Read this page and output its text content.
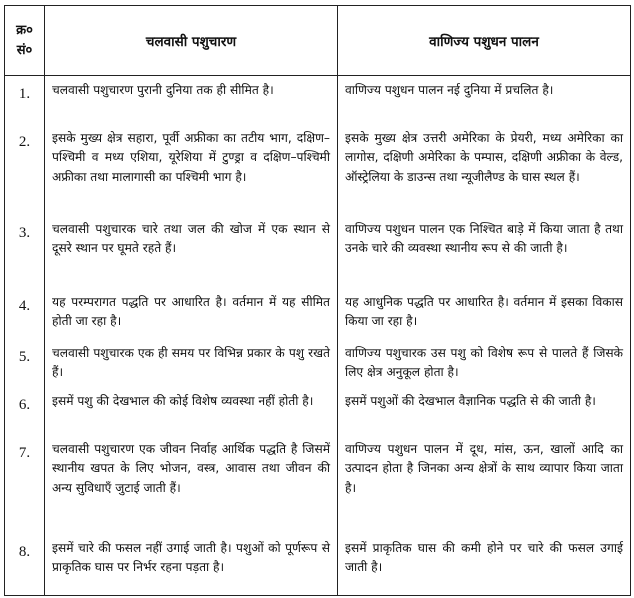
क्र०
सं०	चलवासी पशुचारण	वाणिज्य पशुधन पालन
1.	चलवासी पशुचारण पुरानी दुनिया तक ही सीमित है।	वाणिज्य पशुधन पालन नई दुनिया में प्रचलित है।
2.	इसके मुख्य क्षेत्र सहारा, पूर्वी अफ्रीका का तटीय भाग, दक्षिण–पश्चिमी व मध्य एशिया, यूरेशिया में टुण्ड्रा व दक्षिण–पश्चिमी अफ्रीका तथा मालागासी का पश्चिमी भाग है।	इसके मुख्य क्षेत्र उत्तरी अमेरिका के प्रेयरी, मध्य अमेरिका का लागोस, दक्षिणी अमेरिका के पम्पास, दक्षिणी अफ्रीका के वेल्ड, ऑस्ट्रेलिया के डाउन्स तथा न्यूजीलैण्ड के घास स्थल हैं।
3.	चलवासी पशुचारक चारे तथा जल की खोज में एक स्थान से दूसरे स्थान पर घूमते रहते हैं।	वाणिज्य पशुधन पालन एक निश्चित बाड़े में किया जाता है तथा उनके चारे की व्यवस्था स्थानीय रूप से की जाती है।
4.	यह परम्परागत पद्धति पर आधारित है। वर्तमान में यह सीमित होती जा रहा है।	यह आधुनिक पद्धति पर आधारित है। वर्तमान में इसका विकास किया जा रहा है।
5.	चलवासी पशुचारक एक ही समय पर विभिन्न प्रकार के पशु रखते हैं।	वाणिज्य पशुचारक उस पशु को विशेष रूप से पालते हैं जिसके लिए क्षेत्र अनुकूल होता है।
6.	इसमें पशु की देखभाल की कोई विशेष व्यवस्था नहीं होती है।	इसमें पशुओं की देखभाल वैज्ञानिक पद्धति से की जाती है।
7.	चलवासी पशुचारण एक जीवन निर्वाह आर्थिक पद्धति है जिसमें स्थानीय खपत के लिए भोजन, वस्त्र, आवास तथा जीवन की अन्य सुविधाएँ जुटाई जाती हैं।	वाणिज्य पशुधन पालन में दूध, मांस, ऊन, खालों आदि का उत्पादन होता है जिनका अन्य क्षेत्रों के साथ व्यापार किया जाता है।
8.	इसमें चारे की फसल नहीं उगाई जाती है। पशुओं को पूर्णरूप से प्राकृतिक घास पर निर्भर रहना पड़ता है।	इसमें प्राकृतिक घास की कमी होने पर चारे की फसल उगाई जाती है।
